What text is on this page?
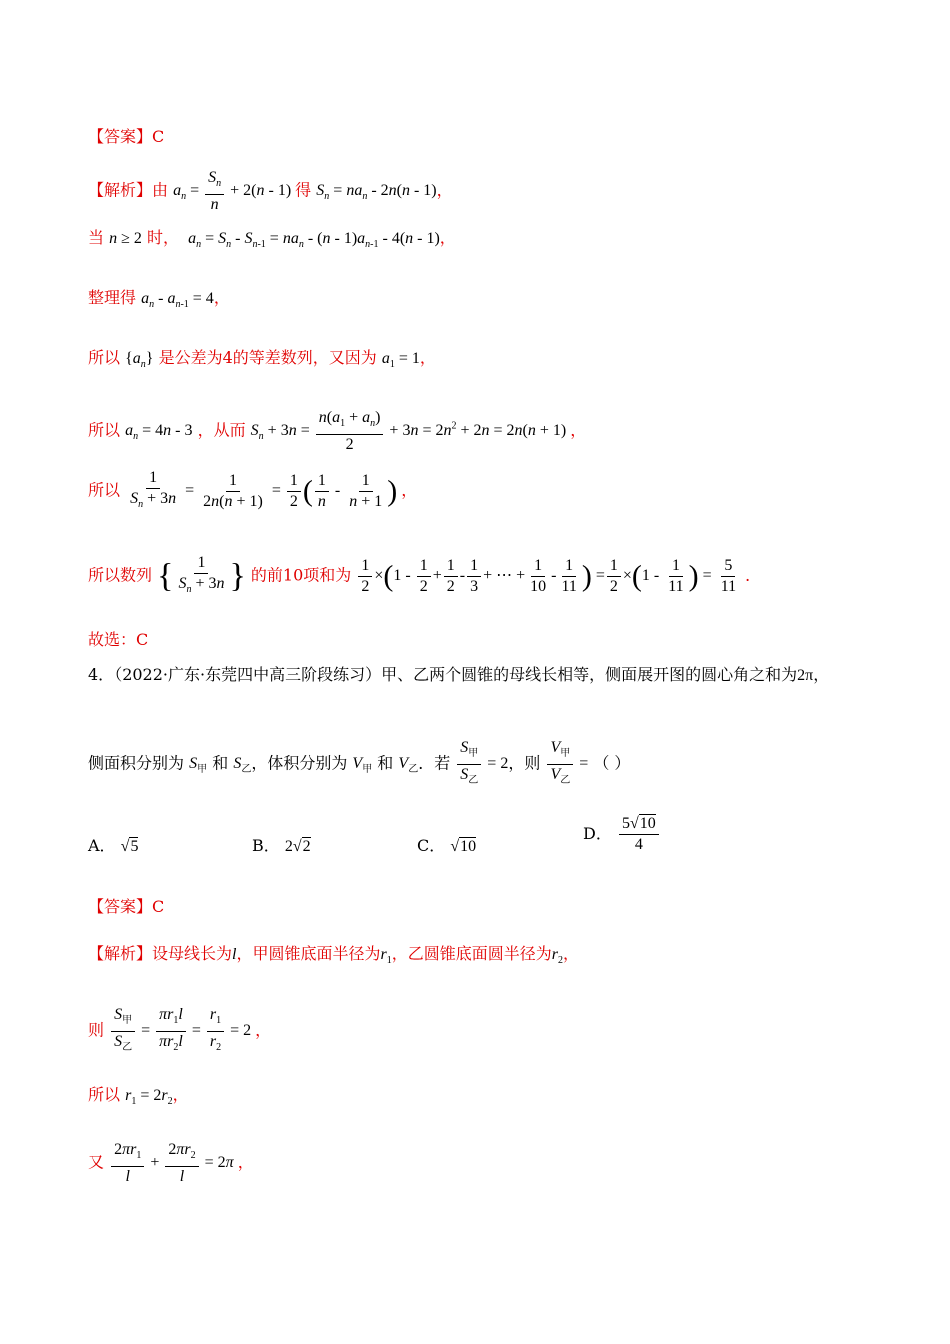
【答案】C
【解析】由 $a_n = \frac{S_n}{n} + 2(n - 1)$ 得 $S_n = na_n - 2n(n - 1)$，
当 n ≥ 2 时， $a_n = S_n - S_{n-1} = na_n - (n - 1)a_{n-1} - 4(n - 1)$，
整理得 $a_n - a_{n-1} = 4$，
所以 $\{a_n\}$ 是公差为4的等差数列，又因为 $a_1 = 1$，
所以 $a_n = 4n - 3$ ，从而 $S_n + 3n = \frac{n(a_1 + a_n)}{2} + 3n = 2n^2 + 2n = 2n(n + 1)$ ，
所以 $\frac{1}{S_n + 3n} = \frac{1}{2n(n + 1)} = \frac{1}{2}$ ( $\frac{1}{n} - \frac{1}{n + 1}$ ) ，
所以数列 { $\frac{1}{S_n + 3n}$ } 的前10项和为 $\frac{1}{2} \times(1 - \frac{1}{2} + \frac{1}{2} - \frac{1}{3}$ + ⋯ + $\frac{1}{10} - \frac{1}{11}$ ) = $\frac{1}{2} \times(1 - \frac{1}{11}$ ) = $\frac{5}{11}$ ．
故选：C
4．（2022·广东·东莞四中高三阶段练习）甲、乙两个圆锥的母线长相等，侧面展开图的圆心角之和为2π，
侧面积分别为 $S_甲$ 和 $S_乙$，体积分别为 $V_甲$ 和 $V_乙$．若 $\frac{S_甲}{S_乙} = 2$，则 $\frac{V_甲}{V_乙}$ = （ ）
A． √5	B． 2√2	C． √10
D． $\frac{5√10}{4}$
【答案】C
【解析】设母线长为l，甲圆锥底面半径为$r_1$，乙圆锥底面圆半径为$r_2$，
则 $\frac{S_甲}{S_乙} = \frac{\pi r_1l}{\pi r_2l} = \frac{r_1}{r_2} = 2$ ，
所以 $r_1 = 2r_2$，
又 $\frac{2\pi r_1}{l} + \frac{2\pi r_2}{l} = 2\pi$ ，
